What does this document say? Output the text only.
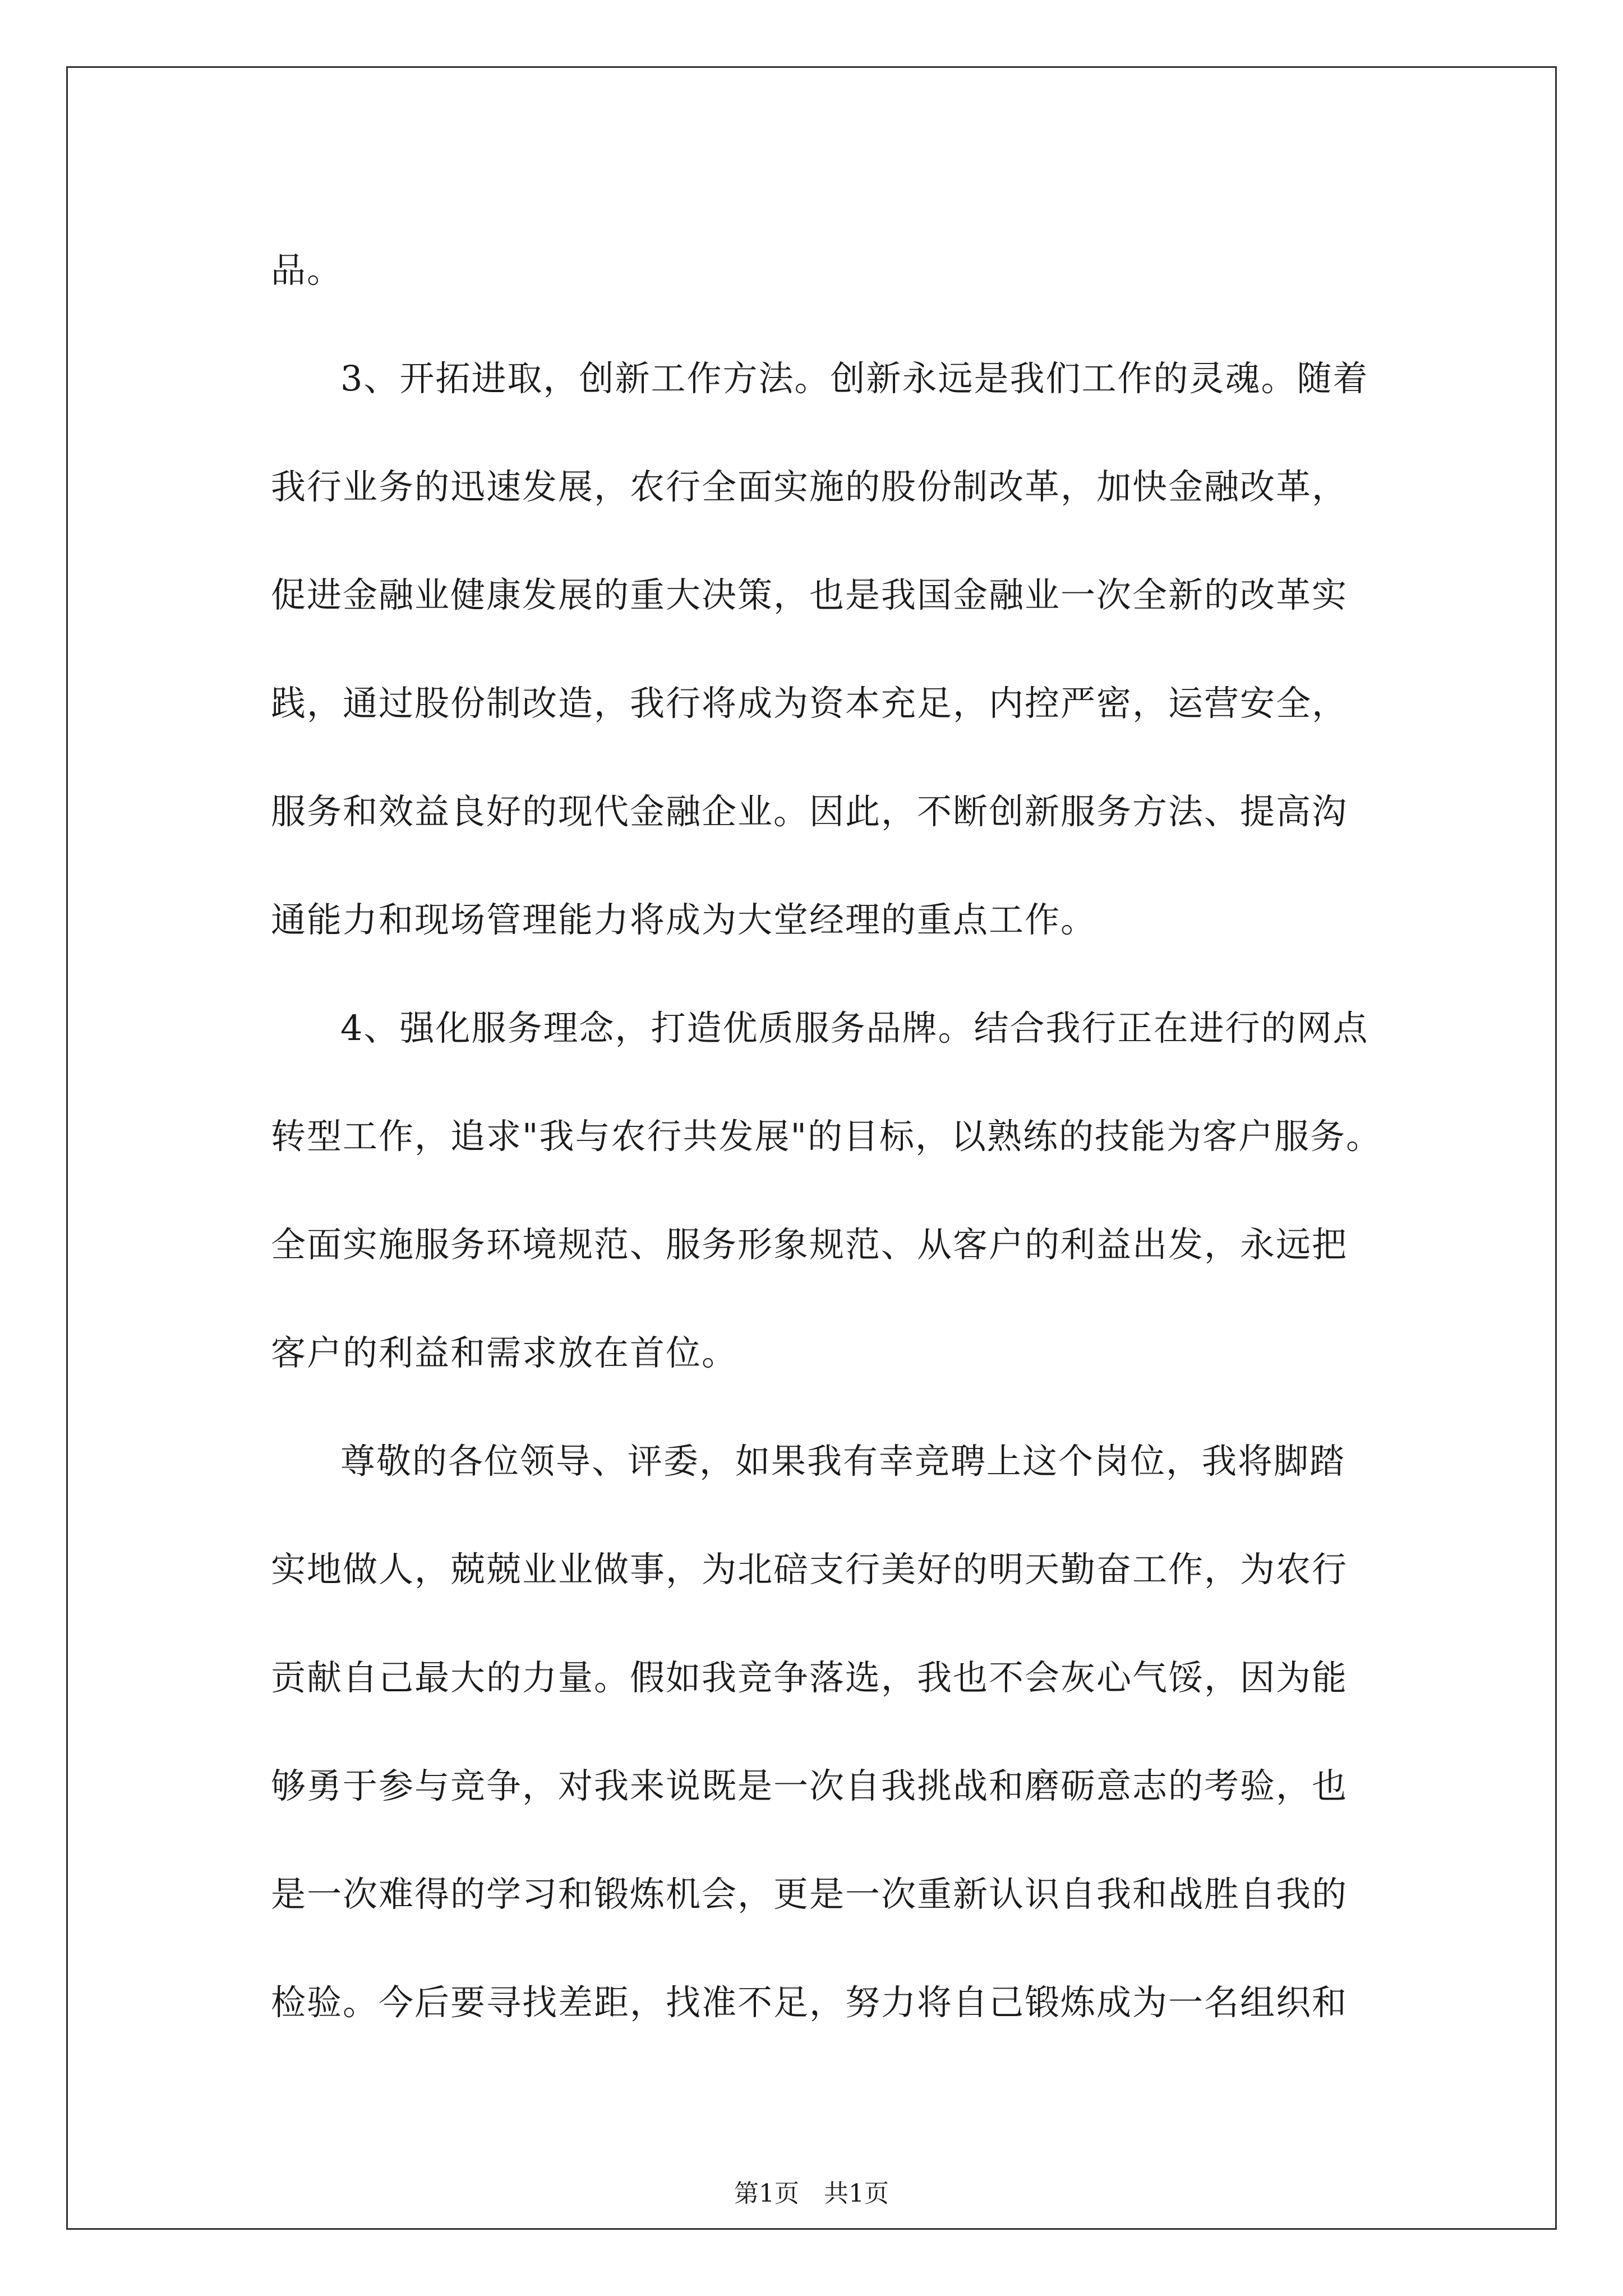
品。
3、开拓进取，创新工作方法。创新永远是我们工作的灵魂。随着
我行业务的迅速发展，农行全面实施的股份制改革，加快金融改革，
促进金融业健康发展的重大决策，也是我国金融业一次全新的改革实
践，通过股份制改造，我行将成为资本充足，内控严密，运营安全，
服务和效益良好的现代金融企业。因此，不断创新服务方法、提高沟
通能力和现场管理能力将成为大堂经理的重点工作。
4、强化服务理念，打造优质服务品牌。结合我行正在进行的网点
转型工作，追求"我与农行共发展"的目标，以熟练的技能为客户服务。
全面实施服务环境规范、服务形象规范、从客户的利益出发，永远把
客户的利益和需求放在首位。
尊敬的各位领导、评委，如果我有幸竞聘上这个岗位，我将脚踏
实地做人，兢兢业业做事，为北碚支行美好的明天勤奋工作，为农行
贡献自己最大的力量。假如我竞争落选，我也不会灰心气馁，因为能
够勇于参与竞争，对我来说既是一次自我挑战和磨砺意志的考验，也
是一次难得的学习和锻炼机会，更是一次重新认识自我和战胜自我的
检验。今后要寻找差距，找准不足，努力将自己锻炼成为一名组织和
第1页　共1页
